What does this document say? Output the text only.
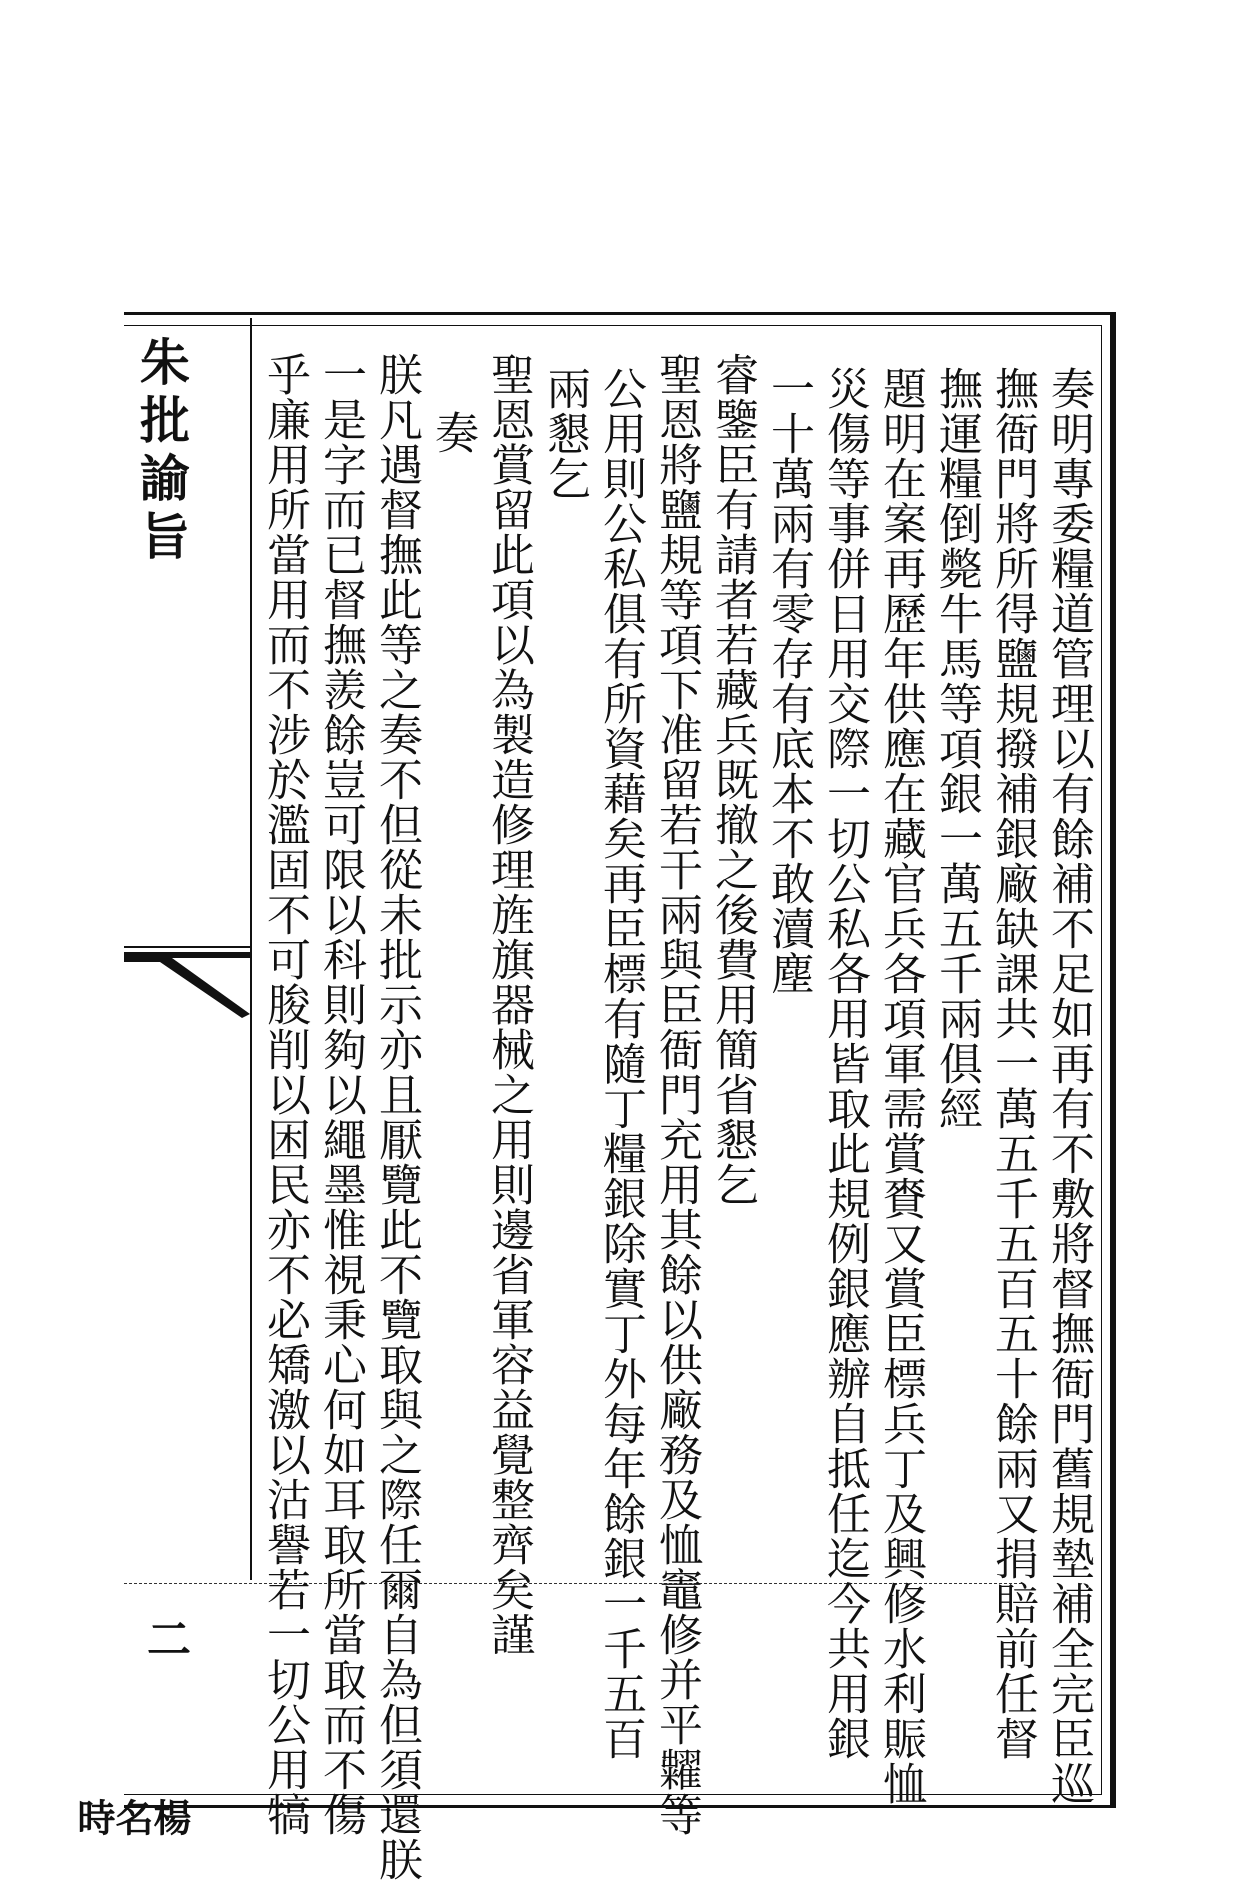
朱批諭旨
二
楊名時
奏明專委糧道管理以有餘補不足如再有不敷將督撫衙門舊規墊補全完臣巡
撫衙門將所得鹽規撥補銀廠缺課共一萬五千五百五十餘兩又捐賠前任督
撫運糧倒斃牛馬等項銀一萬五千兩俱經
題明在案再歷年供應在藏官兵各項軍需賞賚又賞臣標兵丁及興修水利賑恤
災傷等事併日用交際一切公私各用皆取此規例銀應辦自抵任迄今共用銀
一十萬兩有零存有底本不敢瀆塵
睿鑒臣有請者若藏兵既撤之後費用簡省懇乞
聖恩將鹽規等項下准留若干兩與臣衙門充用其餘以供廠務及恤竈修并平糶等
公用則公私俱有所資藉矣再臣標有隨丁糧銀除實丁外每年餘銀一千五百
兩懇乞
聖恩賞留此項以為製造修理旌旗器械之用則邊省軍容益覺整齊矣謹
奏
朕凡遇督撫此等之奏不但從未批示亦且厭覽此不覽取與之際任爾自為但須還朕
一是字而已督撫羨餘豈可限以科則夠以繩墨惟視秉心何如耳取所當取而不傷
乎廉用所當用而不涉於濫固不可朘削以困民亦不必矯激以沽譽若一切公用犒
